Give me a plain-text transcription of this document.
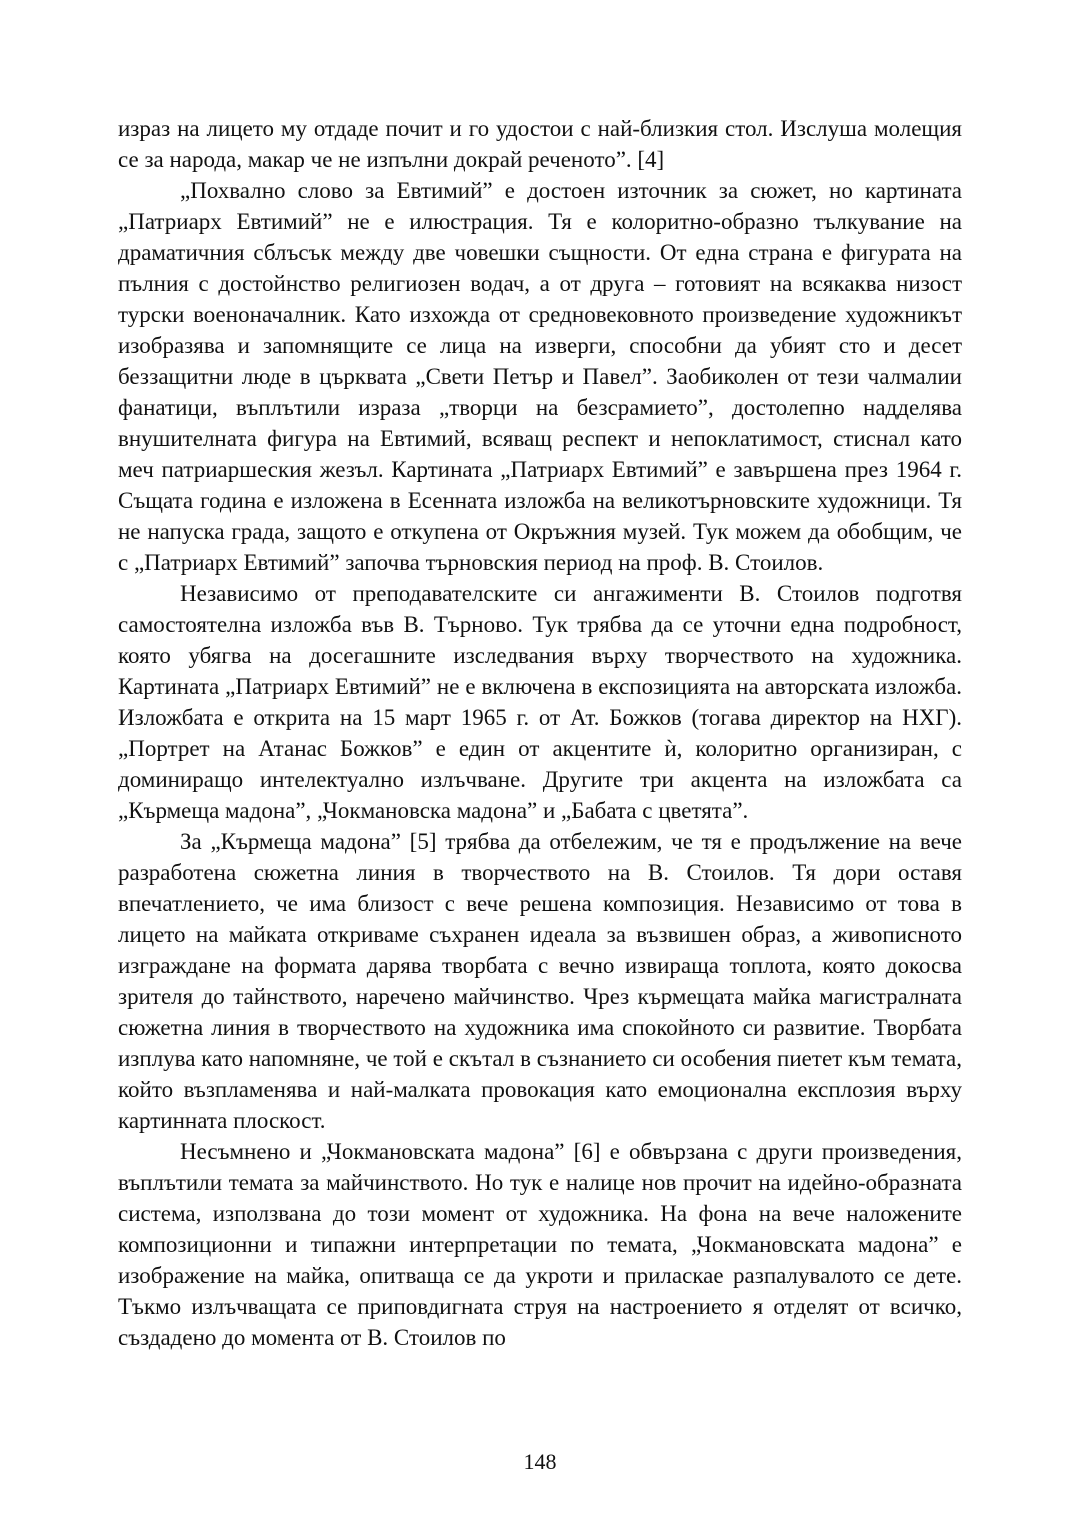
израз на лицето му отдаде почит и го удостои с най-близкия стол. Изслуша молещия се за народа, макар че не изпълни докрай реченото”. [4]

„Похвално слово за Евтимий” е достоен източник за сюжет, но картината „Патриарх Евтимий” не е илюстрация. Тя е колоритно-образно тълкувание на драматичния сблъсък между две човешки същности. От една страна е фигурата на пълния с достойнство религиозен водач, а от друга – готовият на всякаква низост турски военоначалник. Като изхожда от средновековното произведение художникът изобразява и запомнящите се лица на изверги, способни да убият сто и десет беззащитни люде в църквата „Свети Петър и Павел”. Заобиколен от тези чалмалии фанатици, въплътили израза „творци на безсрамието”, достолепно надделява внушителната фигура на Евтимий, всяващ респект и непоклатимост, стиснал като меч патриаршеския жезъл. Картината „Патриарх Евтимий” е завършена през 1964 г. Същата година е изложена в Есенната изложба на великотърновските художници. Тя не напуска града, защото е откупена от Окръжния музей. Тук можем да обобщим, че с „Патриарх Евтимий” започва търновския период на проф. В. Стоилов.

Независимо от преподавателските си ангажименти В. Стоилов подготвя самостоятелна изложба във В. Търново. Тук трябва да се уточни една подробност, която убягва на досегашните изследвания върху творчеството на художника. Картината „Патриарх Евтимий” не е включена в експозицията на авторската изложба. Изложбата е открита на 15 март 1965 г. от Ат. Божков (тогава директор на НХГ). „Портрет на Атанас Божков” е един от акцентите ѝ, колоритно организиран, с доминиращо интелектуално излъчване. Другите три акцента на изложбата са „Кърмеща мадона”, „Чокмановска мадона” и „Бабата с цветята”.

За „Кърмеща мадона” [5] трябва да отбележим, че тя е продължение на вече разработена сюжетна линия в творчеството на В. Стоилов. Тя дори оставя впечатлението, че има близост с вече решена композиция. Независимо от това в лицето на майката откриваме съхранен идеала за възвишен образ, а живописното изграждане на формата дарява творбата с вечно извираща топлота, която докосва зрителя до тайнството, наречено майчинство. Чрез кърмещата майка магистралната сюжетна линия в творчеството на художника има спокойното си развитие. Творбата изплува като напомняне, че той е скътал в съзнанието си особения пиетет към темата, който възпламенява и най-малката провокация като емоционална експлозия върху картинната плоскост.

Несъмнено и „Чокмановската мадона” [6] е обвързана с други произведения, въплътили темата за майчинството. Но тук е налице нов прочит на идейно-образната система, използвана до този момент от художника. На фона на вече наложените композиционни и типажни интерпретации по темата, „Чокмановската мадона” е изображение на майка, опитваща се да укроти и приласкае разпалувалото се дете. Тъкмо излъчващата се приповдигната струя на настроението я отделят от всичко, създадено до момента от В. Стоилов по

148
